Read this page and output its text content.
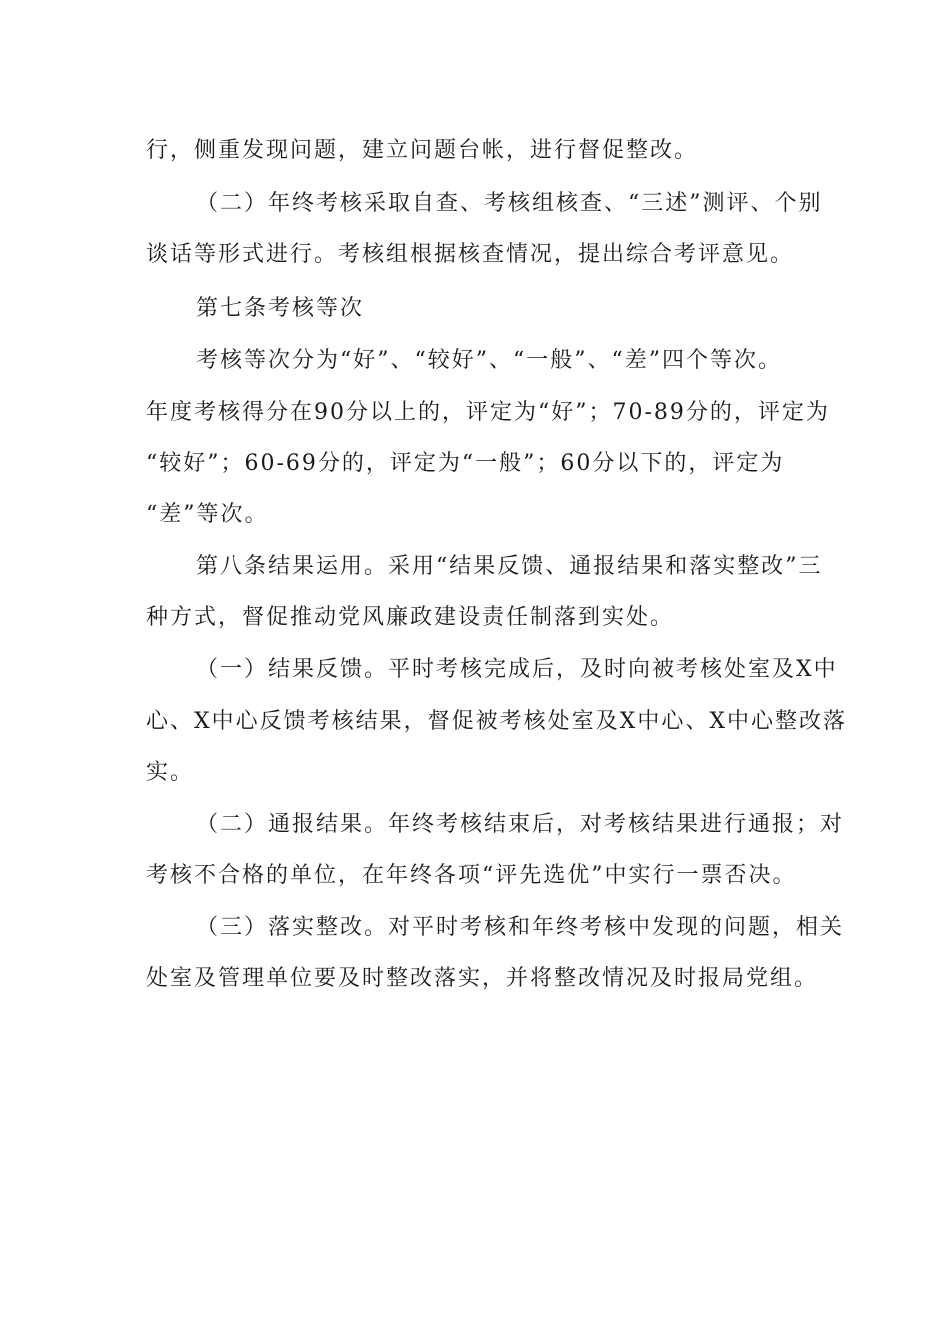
行，侧重发现问题，建立问题台帐，进行督促整改。
（二）年终考核采取自查、考核组核查、“三述”测评、个别
谈话等形式进行。考核组根据核查情况，提出综合考评意见。
第七条考核等次
考核等次分为“好”、“较好”、“一般”、“差”四个等次。
年度考核得分在90分以上的，评定为“好”；70-89分的，评定为
“较好”；60-69分的，评定为“一般”；60分以下的，评定为
“差”等次。
第八条结果运用。采用“结果反馈、通报结果和落实整改”三
种方式，督促推动党风廉政建设责任制落到实处。
（一）结果反馈。平时考核完成后，及时向被考核处室及X中
心、X中心反馈考核结果，督促被考核处室及X中心、X中心整改落
实。
（二）通报结果。年终考核结束后，对考核结果进行通报；对
考核不合格的单位，在年终各项“评先选优”中实行一票否决。
（三）落实整改。对平时考核和年终考核中发现的问题，相关
处室及管理单位要及时整改落实，并将整改情况及时报局党组。
